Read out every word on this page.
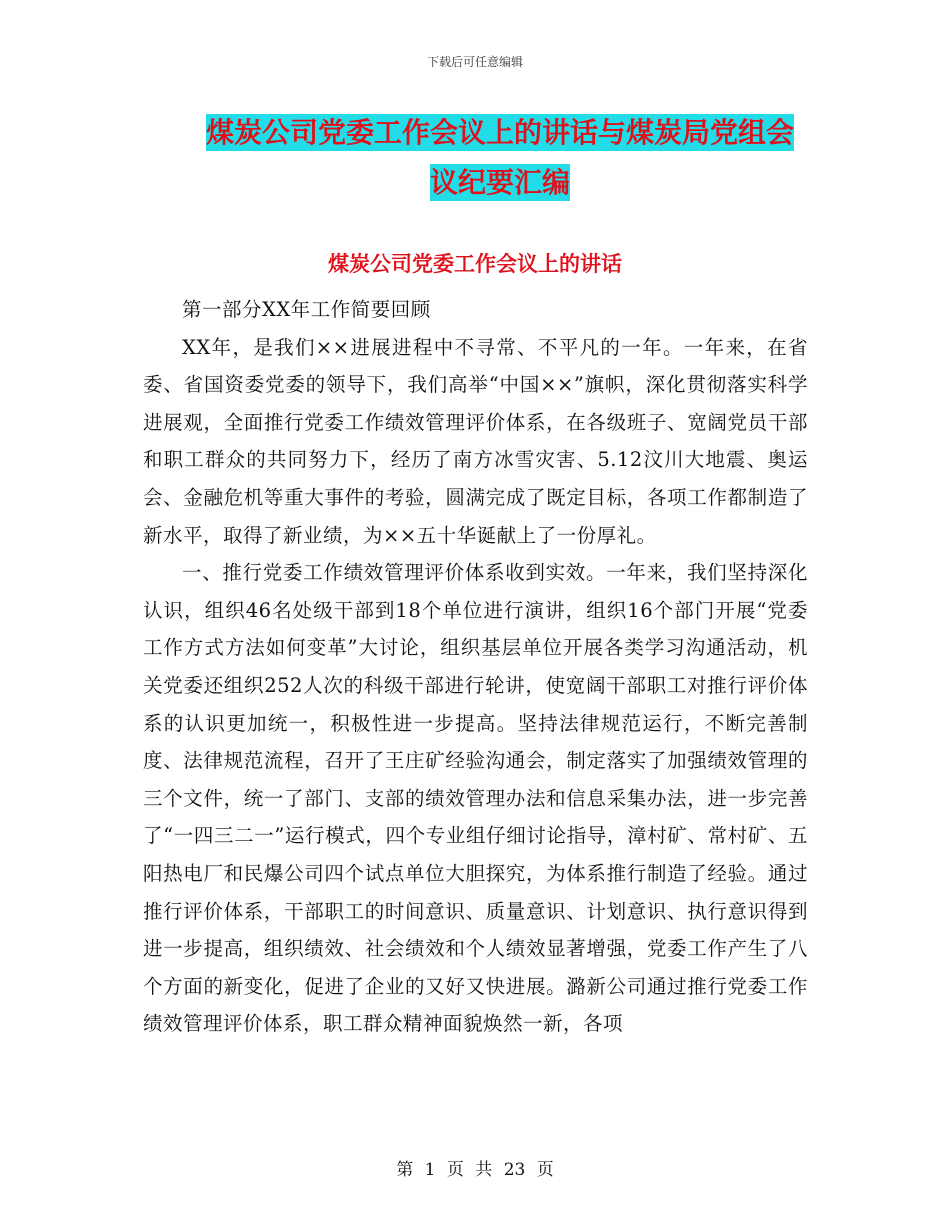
下载后可任意编辑
煤炭公司党委工作会议上的讲话与煤炭局党组会议纪要汇编
煤炭公司党委工作会议上的讲话

第一部分XX年工作简要回顾

XX年，是我们××进展进程中不寻常、不平凡的一年。一年来，在省委、省国资委党委的领导下，我们高举“中国××”旗帜，深化贯彻落实科学进展观，全面推行党委工作绩效管理评价体系，在各级班子、宽阔党员干部和职工群众的共同努力下，经历了南方冰雪灾害、5.12汶川大地震、奥运会、金融危机等重大事件的考验，圆满完成了既定目标，各项工作都制造了新水平，取得了新业绩，为××五十华诞献上了一份厚礼。

一、推行党委工作绩效管理评价体系收到实效。一年来，我们坚持深化认识，组织46名处级干部到18个单位进行演讲，组织16个部门开展“党委工作方式方法如何变革”大讨论，组织基层单位开展各类学习沟通活动，机关党委还组织252人次的科级干部进行轮讲，使宽阔干部职工对推行评价体系的认识更加统一，积极性进一步提高。坚持法律规范运行，不断完善制度、法律规范流程，召开了王庄矿经验沟通会，制定落实了加强绩效管理的三个文件，统一了部门、支部的绩效管理办法和信息采集办法，进一步完善了“一四三二一”运行模式，四个专业组仔细讨论指导，漳村矿、常村矿、五阳热电厂和民爆公司四个试点单位大胆探究，为体系推行制造了经验。通过推行评价体系，干部职工的时间意识、质量意识、计划意识、执行意识得到进一步提高，组织绩效、社会绩效和个人绩效显著增强，党委工作产生了八个方面的新变化，促进了企业的又好又快进展。潞新公司通过推行党委工作绩效管理评价体系，职工群众精神面貌焕然一新，各项

第 1 页 共 23 页
